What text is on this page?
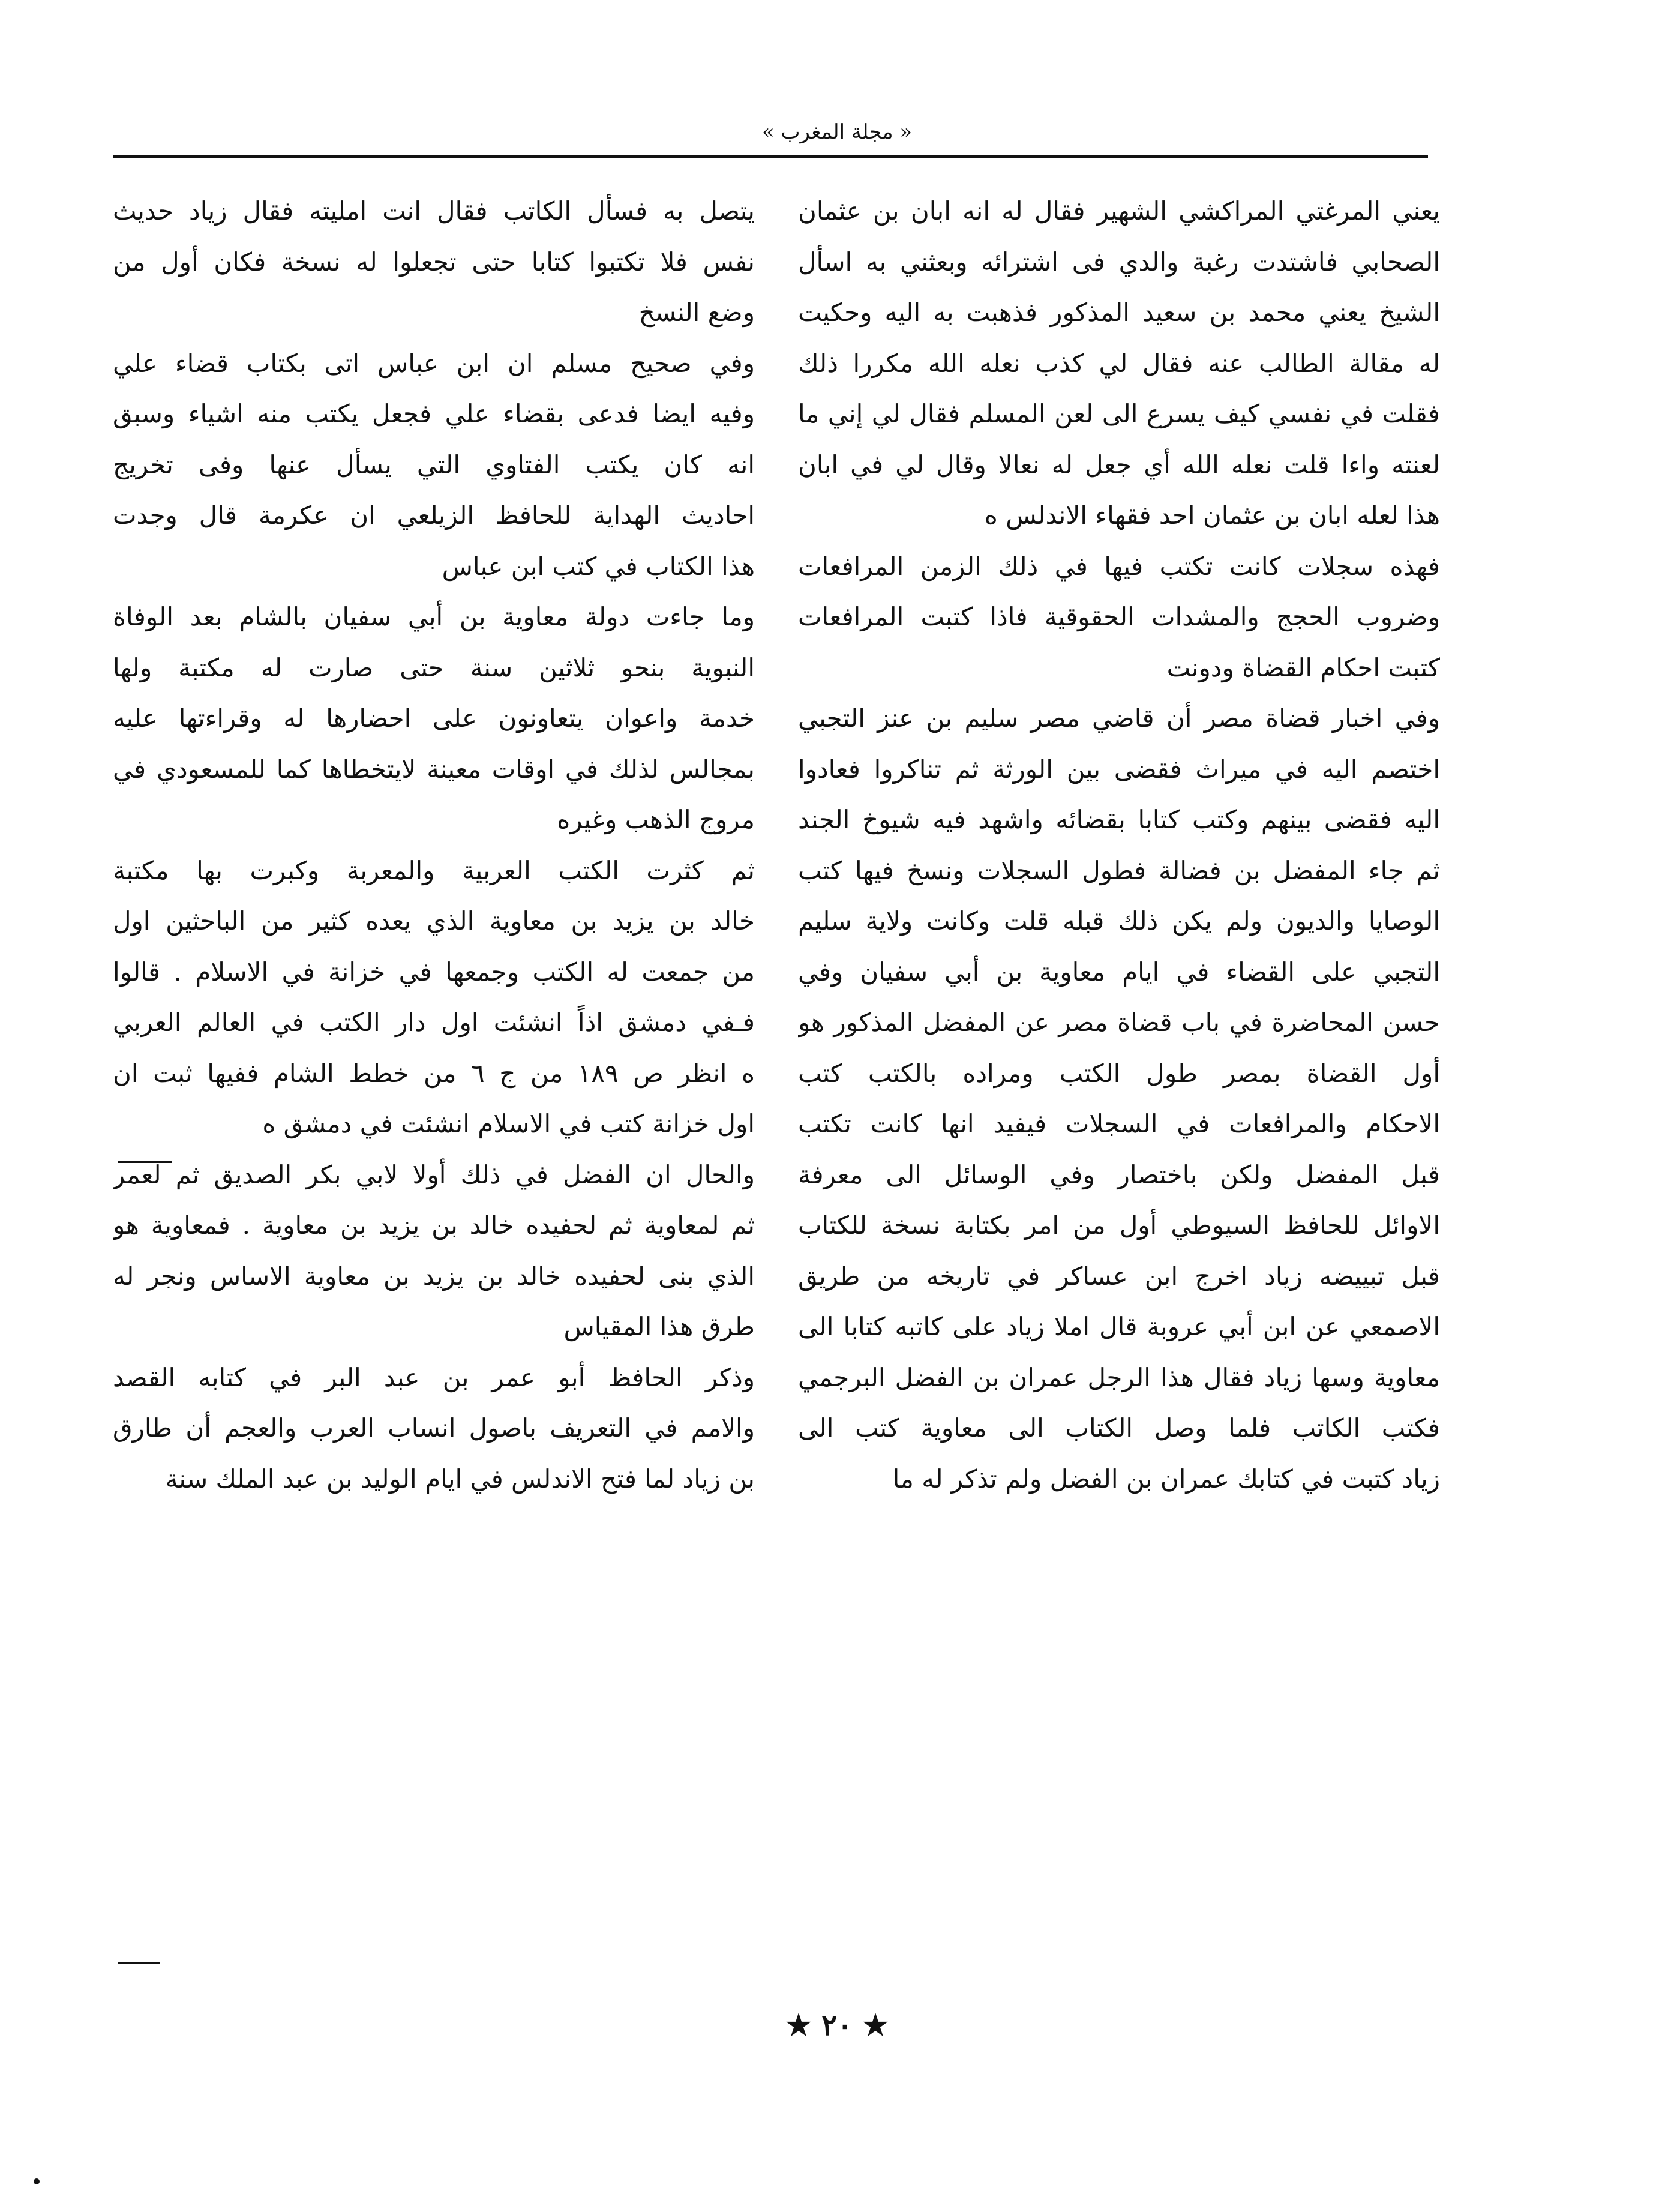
« مجلة المغرب »
يعني المرغتي المراكشي الشهير فقال له انه ابان بن عثمان
الصحابي فاشتدت رغبة والدي فى اشترائه وبعثني به اسأل
الشيخ يعني محمد بن سعيد المذكور فذهبت به اليه وحكيت
له مقالة الطالب عنه فقال لي كذب نعله الله مكررا ذلك
فقلت في نفسي كيف يسرع الى لعن المسلم فقال لي إني ما
لعنته واءا قلت نعله الله أي جعل له نعالا وقال لي في ابان
هذا لعله ابان بن عثمان احد فقهاء الاندلس ه
فهذه سجلات كانت تكتب فيها في ذلك الزمن المرافعات
وضروب الحجج والمشدات الحقوقية فاذا كتبت المرافعات
كتبت احكام القضاة ودونت
وفي اخبار قضاة مصر أن قاضي مصر سليم بن عنز التجبي
اختصم اليه في ميراث فقضى بين الورثة ثم تناكروا فعادوا
اليه فقضى بينهم وكتب كتابا بقضائه واشهد فيه شيوخ الجند
ثم جاء المفضل بن فضالة فطول السجلات ونسخ فيها كتب
الوصايا والديون ولم يكن ذلك قبله قلت وكانت ولاية سليم
التجبي على القضاء في ايام معاوية بن أبي سفيان وفي
حسن المحاضرة في باب قضاة مصر عن المفضل المذكور هو
أول القضاة بمصر طول الكتب ومراده بالكتب كتب
الاحكام والمرافعات في السجلات فيفيد انها كانت تكتب
قبل المفضل ولكن باختصار وفي الوسائل الى معرفة
الاوائل للحافظ السيوطي أول من امر بكتابة نسخة للكتاب
قبل تبييضه زياد اخرج ابن عساكر في تاريخه من طريق
الاصمعي عن ابن أبي عروبة قال املا زياد على كاتبه كتابا الى
معاوية وسها زياد فقال هذا الرجل عمران بن الفضل البرجمي
فكتب الكاتب فلما وصل الكتاب الى معاوية كتب الى
زياد كتبت في كتابك عمران بن الفضل ولم تذكر له ما
يتصل به فسأل الكاتب فقال انت امليته فقال زياد حديث
نفس فلا تكتبوا كتابا حتى تجعلوا له نسخة فكان أول من
وضع النسخ
وفي صحيح مسلم ان ابن عباس اتى بكتاب قضاء علي
وفيه ايضا فدعى بقضاء علي فجعل يكتب منه اشياء وسبق
انه كان يكتب الفتاوي التي يسأل عنها وفى تخريج
احاديث الهداية للحافظ الزيلعي ان عكرمة قال وجدت
هذا الكتاب في كتب ابن عباس
وما جاءت دولة معاوية بن أبي سفيان بالشام بعد الوفاة
النبوية بنحو ثلاثين سنة حتى صارت له مكتبة ولها
خدمة واعوان يتعاونون على احضارها له وقراءتها عليه
بمجالس لذلك في اوقات معينة لايتخطاها كما للمسعودي في
مروج الذهب وغيره
ثم كثرت الكتب العربية والمعربة وكبرت بها مكتبة
خالد بن يزيد بن معاوية الذي يعده كثير من الباحثين اول
من جمعت له الكتب وجمعها في خزانة في الاسلام . قالوا
فـفي دمشق اذاً انشئت اول دار الكتب في العالم العربي
ه انظر ص ١٨٩ من ج ٦ من خطط الشام ففيها ثبت ان
اول خزانة كتب في الاسلام انشئت في دمشق ه
والحال ان الفضل في ذلك أولا لابي بكر الصديق ثم لعمر
ثم لمعاوية ثم لحفيده خالد بن يزيد بن معاوية . فمعاوية هو
الذي بنى لحفيده خالد بن يزيد بن معاوية الاساس ونجر له
طرق هذا المقياس
وذكر الحافظ أبو عمر بن عبد البر في كتابه القصد
والامم في التعريف باصول انساب العرب والعجم أن طارق
بن زياد لما فتح الاندلس في ايام الوليد بن عبد الملك سنة
★ ٢٠ ★
